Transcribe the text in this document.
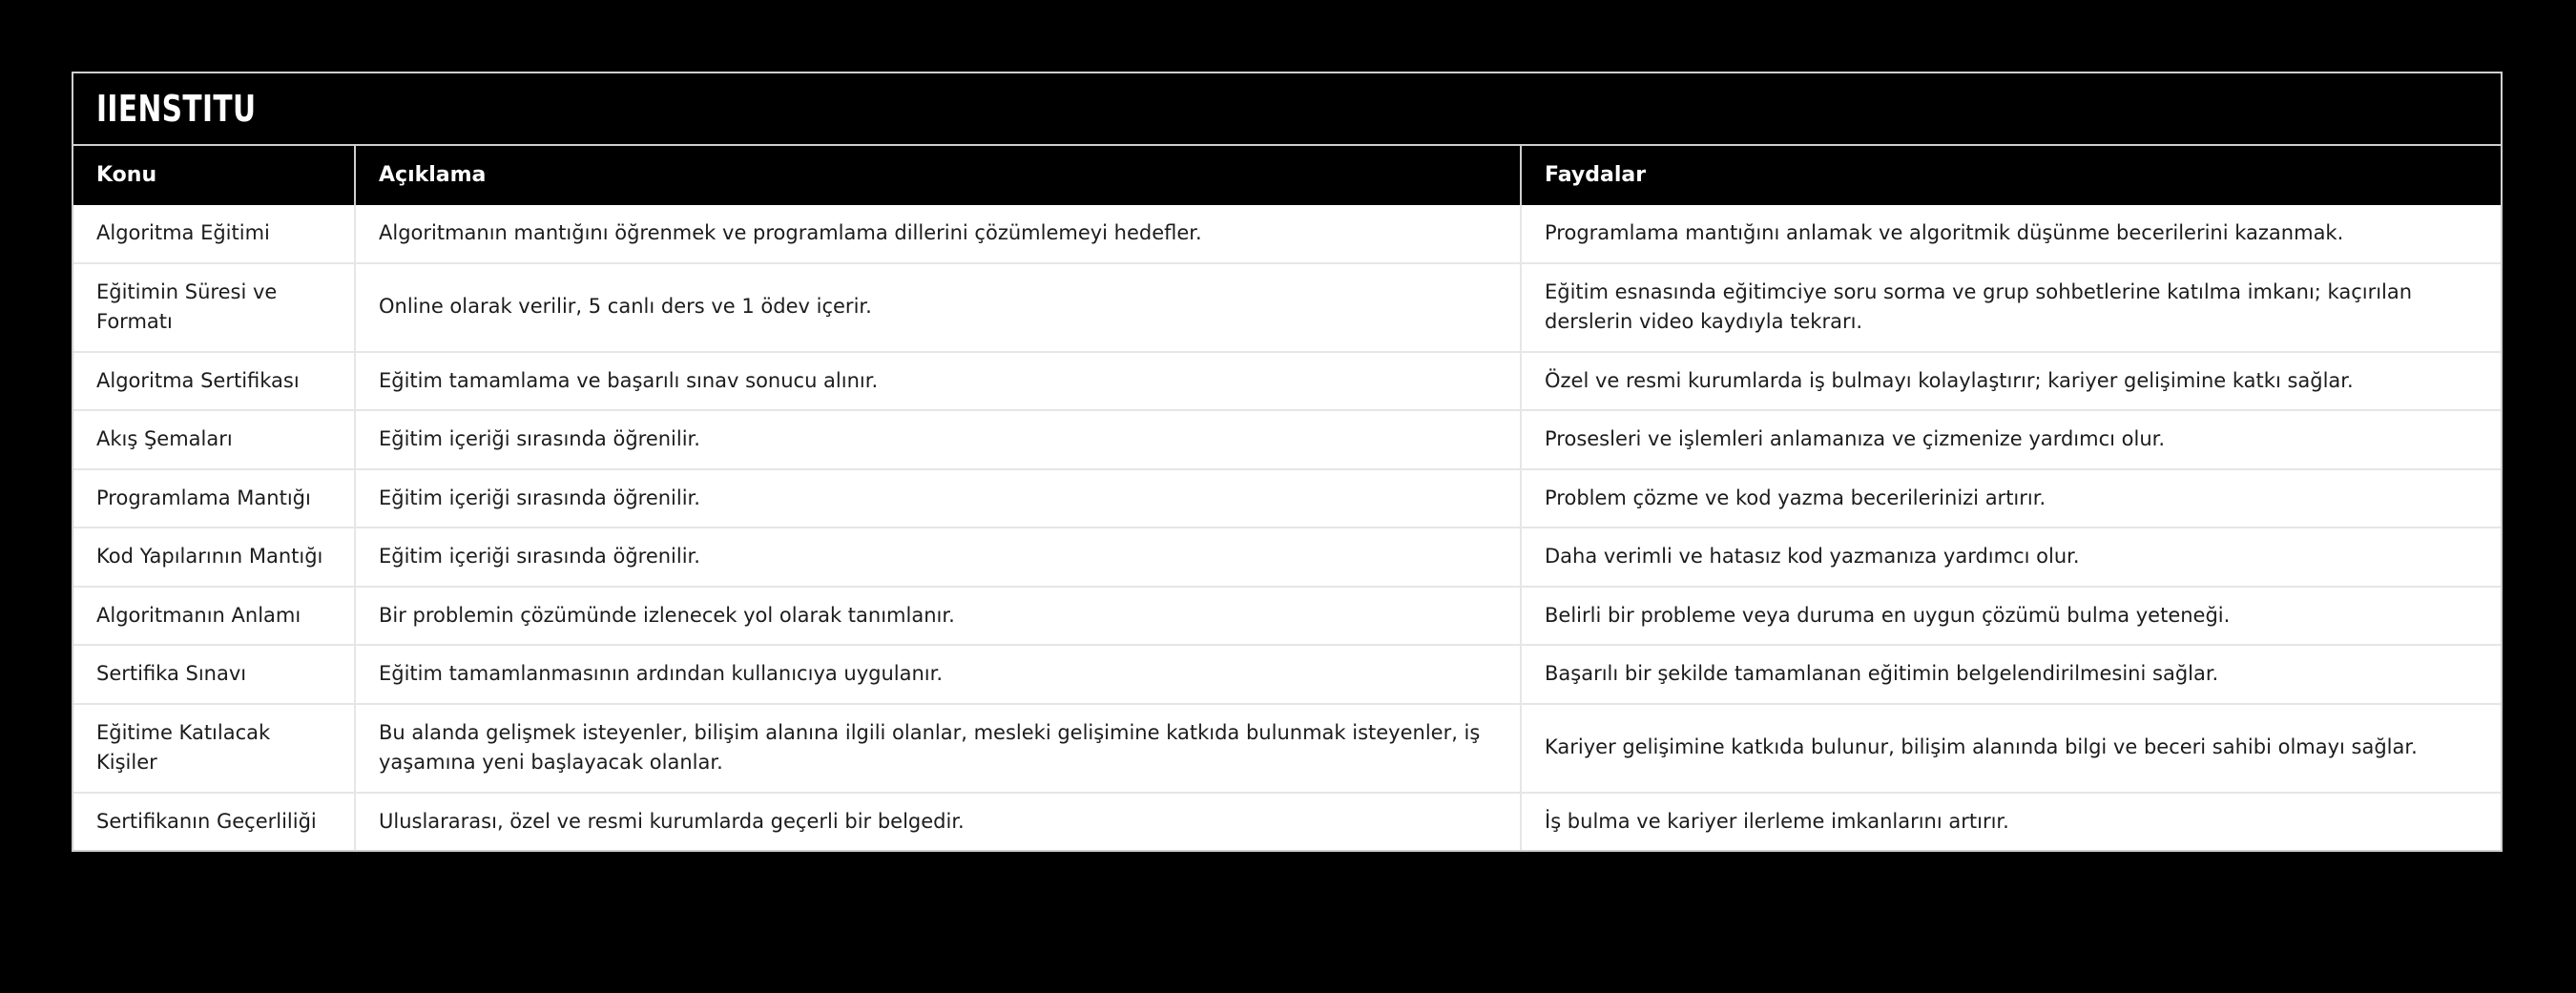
IIENSTITU
Konu	Açıklama	Faydalar
Algoritma Eğitimi	Algoritmanın mantığını öğrenmek ve programlama dillerini çözümlemeyi hedefler.	Programlama mantığını anlamak ve algoritmik düşünme becerilerini kazanmak.
Eğitimin Süresi ve Formatı	Online olarak verilir, 5 canlı ders ve 1 ödev içerir.	Eğitim esnasında eğitimciye soru sorma ve grup sohbetlerine katılma imkanı; kaçırılan derslerin video kaydıyla tekrarı.
Algoritma Sertifikası	Eğitim tamamlama ve başarılı sınav sonucu alınır.	Özel ve resmi kurumlarda iş bulmayı kolaylaştırır; kariyer gelişimine katkı sağlar.
Akış Şemaları	Eğitim içeriği sırasında öğrenilir.	Prosesleri ve işlemleri anlamanıza ve çizmenize yardımcı olur.
Programlama Mantığı	Eğitim içeriği sırasında öğrenilir.	Problem çözme ve kod yazma becerilerinizi artırır.
Kod Yapılarının Mantığı	Eğitim içeriği sırasında öğrenilir.	Daha verimli ve hatasız kod yazmanıza yardımcı olur.
Algoritmanın Anlamı	Bir problemin çözümünde izlenecek yol olarak tanımlanır.	Belirli bir probleme veya duruma en uygun çözümü bulma yeteneği.
Sertifika Sınavı	Eğitim tamamlanmasının ardından kullanıcıya uygulanır.	Başarılı bir şekilde tamamlanan eğitimin belgelendirilmesini sağlar.
Eğitime Katılacak Kişiler	Bu alanda gelişmek isteyenler, bilişim alanına ilgili olanlar, mesleki gelişimine katkıda bulunmak isteyenler, iş yaşamına yeni başlayacak olanlar.	Kariyer gelişimine katkıda bulunur, bilişim alanında bilgi ve beceri sahibi olmayı sağlar.
Sertifikanın Geçerliliği	Uluslararası, özel ve resmi kurumlarda geçerli bir belgedir.	İş bulma ve kariyer ilerleme imkanlarını artırır.
